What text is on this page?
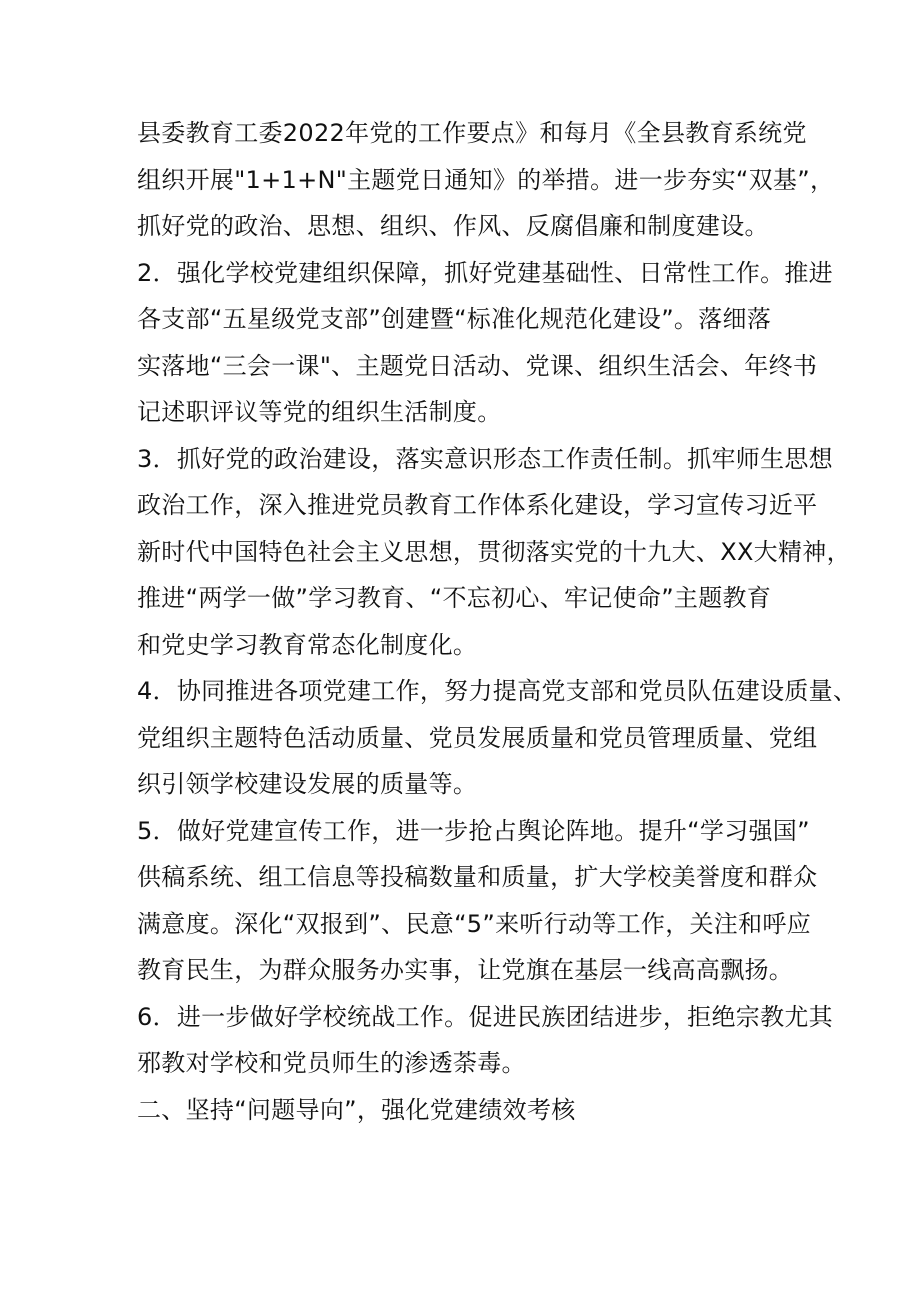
县委教育工委2022年党的工作要点》和每月《全县教育系统党
组织开展"1+1+N"主题党日通知》的举措。进一步夯实“双基”，
抓好党的政治、思想、组织、作风、反腐倡廉和制度建设。

2．强化学校党建组织保障，抓好党建基础性、日常性工作。推进
各支部“五星级党支部”创建暨“标准化规范化建设”。落细落
实落地“三会一课"、主题党日活动、党课、组织生活会、年终书
记述职评议等党的组织生活制度。

3．抓好党的政治建设，落实意识形态工作责任制。抓牢师生思想
政治工作，深入推进党员教育工作体系化建设，学习宣传习近平
新时代中国特色社会主义思想，贯彻落实党的十九大、XX大精神，
推进“两学一做”学习教育、“不忘初心、牢记使命”主题教育
和党史学习教育常态化制度化。

4．协同推进各项党建工作，努力提高党支部和党员队伍建设质量、
党组织主题特色活动质量、党员发展质量和党员管理质量、党组
织引领学校建设发展的质量等。

5．做好党建宣传工作，进一步抢占舆论阵地。提升“学习强国”
供稿系统、组工信息等投稿数量和质量，扩大学校美誉度和群众
满意度。深化“双报到”、民意“5”来听行动等工作，关注和呼应
教育民生，为群众服务办实事，让党旗在基层一线高高飘扬。

6．进一步做好学校统战工作。促进民族团结进步，拒绝宗教尤其
邪教对学校和党员师生的渗透荼毒。

二、坚持“问题导向”，强化党建绩效考核
